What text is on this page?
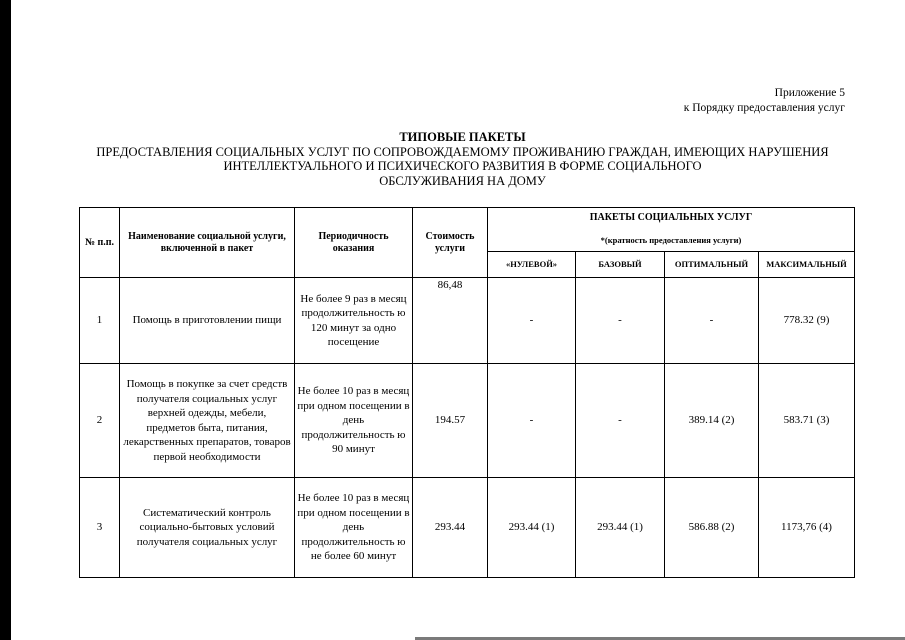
Приложение 5
к Порядку предоставления услуг
ТИПОВЫЕ ПАКЕТЫ
ПРЕДОСТАВЛЕНИЯ СОЦИАЛЬНЫХ УСЛУГ ПО СОПРОВОЖДАЕМОМУ ПРОЖИВАНИЮ ГРАЖДАН, ИМЕЮЩИХ НАРУШЕНИЯ
ИНТЕЛЛЕКТУАЛЬНОГО И ПСИХИЧЕСКОГО РАЗВИТИЯ В ФОРМЕ СОЦИАЛЬНОГО
ОБСЛУЖИВАНИЯ НА ДОМУ
№ п.п.	Наименование социальной услуги, включенной в пакет	Периодичность оказания	Стоимость услуги	ПАКЕТЫ СОЦИАЛЬНЫХ УСЛУГ
*(кратность предоставления услуги)			

				«НУЛЕВОЙ»	БАЗОВЫЙ	ОПТИМАЛЬНЫЙ	МАКСИМАЛЬНЫЙ
1	Помощь в приготовлении пищи	Не более 9 раз в месяц продолжительность ю 120 минут за одно посещение	86,48	-	-	-	778.32 (9)
2	Помощь в покупке за счет средств получателя социальных услуг верхней одежды, мебели, предметов быта, питания, лекарственных препаратов, товаров первой необходимости	Не более 10 раз в месяц при одном посещении в день продолжительность ю 90 минут	194.57	-	-	389.14 (2)	583.71 (3)
3	Систематический контроль социально-бытовых условий получателя социальных услуг	Не более 10 раз в месяц при одном посещении в день продолжительность ю не более 60 минут	293.44	293.44 (1)	293.44 (1)	586.88 (2)	1173,76 (4)
